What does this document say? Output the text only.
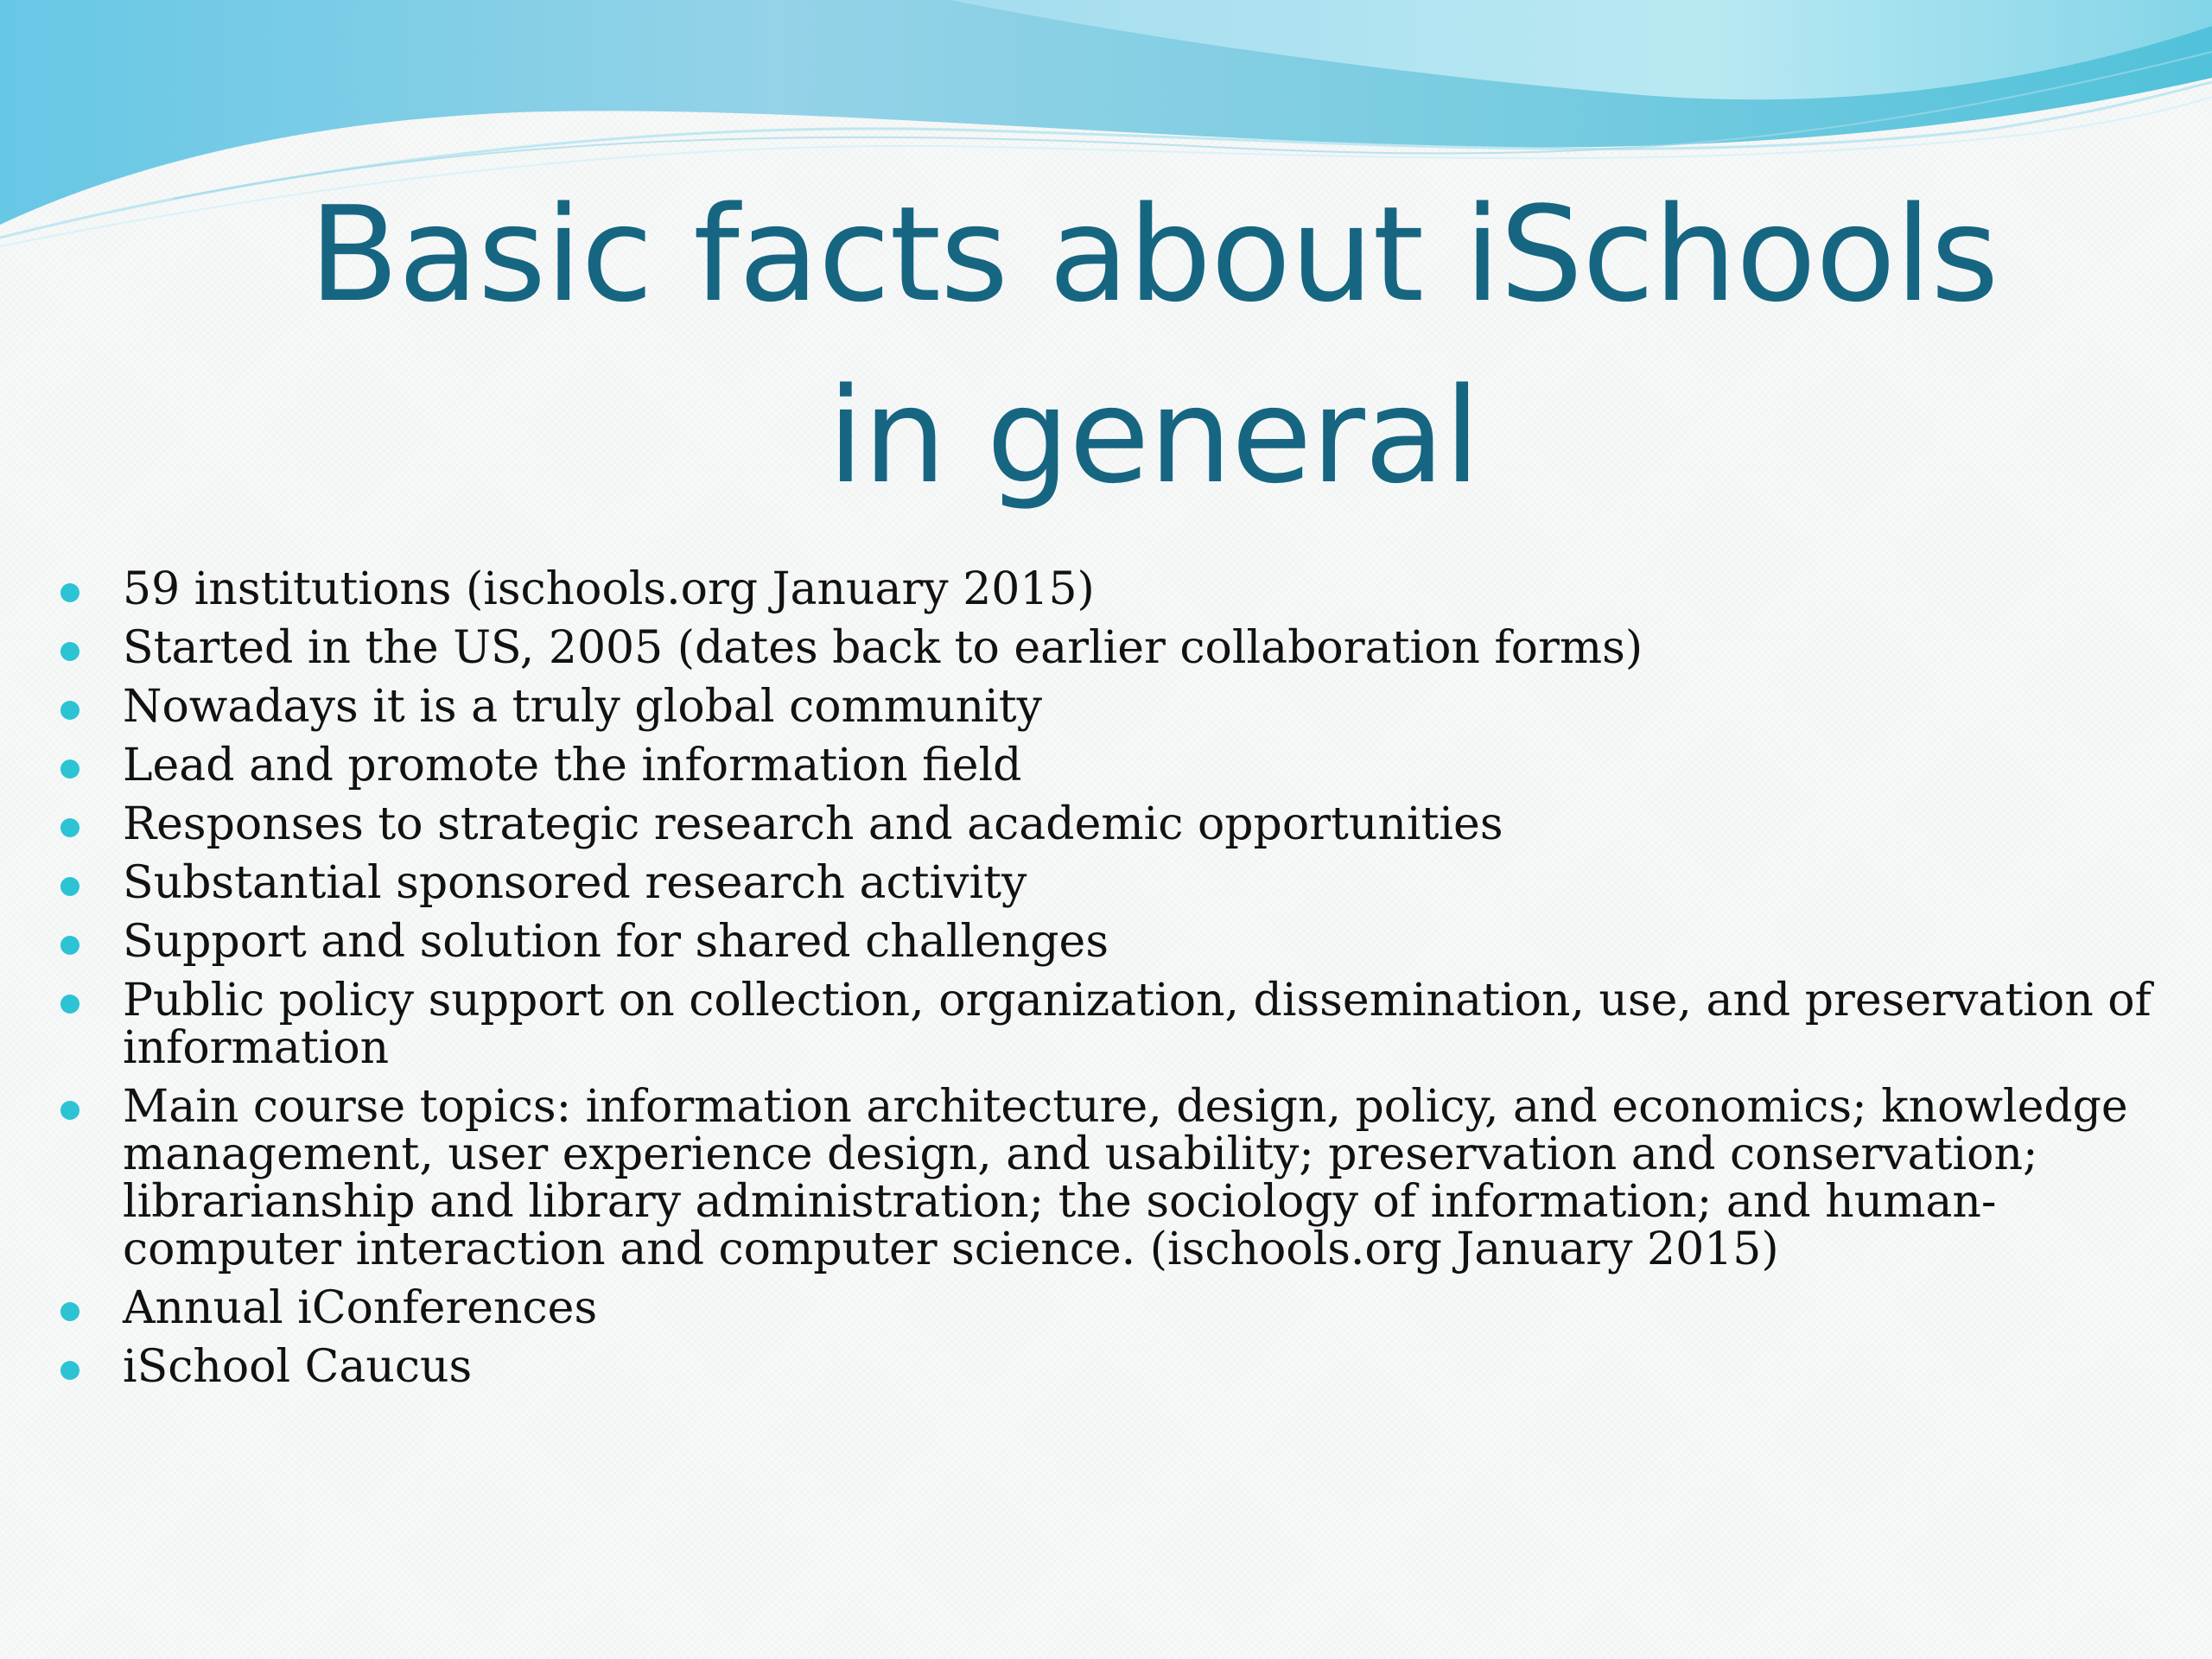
Basic facts about iSchools in general
59 institutions (ischools.org January 2015)
Started in the US, 2005 (dates back to earlier collaboration forms)
Nowadays it is a truly global community
Lead and promote the information field
Responses to strategic research and academic opportunities
Substantial sponsored research activity
Support and solution for shared challenges
Public policy support on collection, organization, dissemination, use, and preservation of information
Main course topics: information architecture, design, policy, and economics; knowledge management, user experience design, and usability; preservation and conservation; librarianship and library administration; the sociology of information; and human-computer interaction and computer science. (ischools.org January 2015)
Annual iConferences
iSchool Caucus
